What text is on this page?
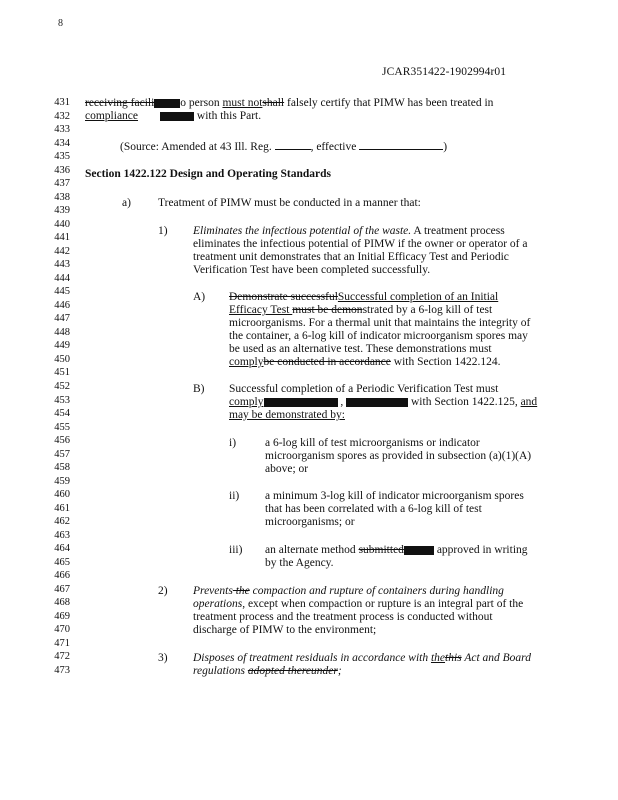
8
JCAR351422-1902994r01
431
432
433
434
435
436
437
438
439
440
441
442
443
444
445
446
447
448
449
450
451
452
453
454
455
456
457
458
459
460
461
462
463
464
465
466
467
468
469
470
471
472
473
receiving facili o person must notshall falsely certify that PIMW has been treated in
compliance	with this Part.
(Source: Amended at 43 Ill. Reg.	, effective	)
Section 1422.122 Design and Operating Standards
a) Treatment of PIMW must be conducted in a manner that:
1) Eliminates the infectious potential of the waste. A treatment process
eliminates the infectious potential of PIMW if the owner or operator of a
treatment unit demonstrates that an Initial Efficacy Test and Periodic
Verification Test have been completed successfully.
A) Demonstrate successfulSuccessful completion of an Initial
Efficacy Test must be demonstrated by a 6-log kill of test
microorganisms. For a thermal unit that maintains the integrity of
the container, a 6-log kill of indicator microorganism spores may
be used as an alternative test. These demonstrations must
complybe conducted in accordance with Section 1422.124.
B) Successful completion of a Periodic Verification Test must
comply	,	with Section 1422.125, and
may be demonstrated by:
i)	a 6-log kill of test microorganisms or indicator
microorganism spores as provided in subsection (a)(1)(A)
above; or
ii) a minimum 3-log kill of indicator microorganism spores
that has been correlated with a 6-log kill of test
microorganisms; or
iii) an alternate method submitted	approved in writing
by the Agency.
2) Prevents the compaction and rupture of containers during handling
operations, except when compaction or rupture is an integral part of the
treatment process and the treatment process is conducted without
discharge of PIMW to the environment;
3) Disposes of treatment residuals in accordance with thethis Act and Board
regulations adopted thereunder;
